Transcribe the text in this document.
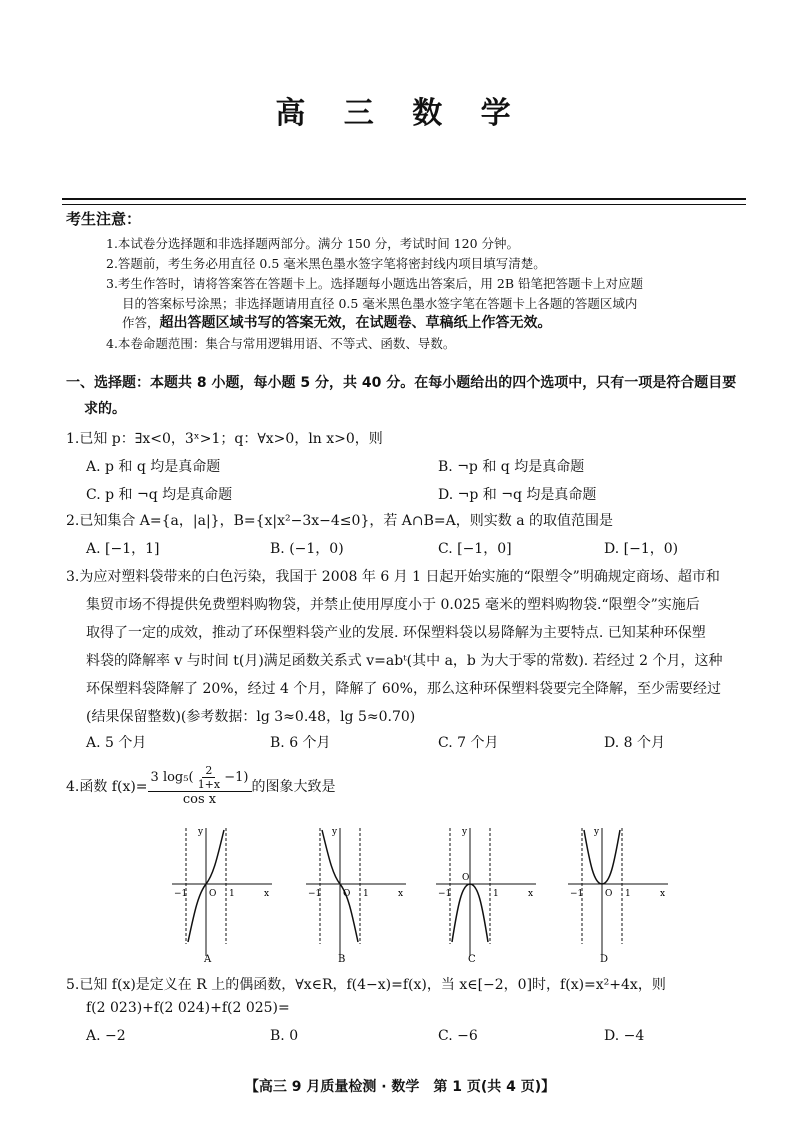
高 三 数 学
考生注意：
1.本试卷分选择题和非选择题两部分。满分 150 分，考试时间 120 分钟。
2.答题前，考生务必用直径 0.5 毫米黑色墨水签字笔将密封线内项目填写清楚。
3.考生作答时，请将答案答在答题卡上。选择题每小题选出答案后，用 2B 铅笔把答题卡上对应题
目的答案标号涂黑；非选择题请用直径 0.5 毫米黑色墨水签字笔在答题卡上各题的答题区域内
作答，超出答题区域书写的答案无效，在试题卷、草稿纸上作答无效。
4.本卷命题范围：集合与常用逻辑用语、不等式、函数、导数。
一、选择题：本题共 8 小题，每小题 5 分，共 40 分。在每小题给出的四个选项中，只有一项是符合题目要
求的。
1.已知 p：∃x<0，3ˣ>1；q：∀x>0，ln x>0，则
A. p 和 q 均是真命题	B. ¬p 和 q 均是真命题
C. p 和 ¬q 均是真命题	D. ¬p 和 ¬q 均是真命题
2.已知集合 A={a，|a|}，B={x|x²−3x−4≤0}，若 A∩B=A，则实数 a 的取值范围是
A. [−1，1]	B. (−1，0)	C. [−1，0]	D. [−1，0)
3.为应对塑料袋带来的白色污染，我国于 2008 年 6 月 1 日起开始实施的“限塑令”明确规定商场、超市和
集贸市场不得提供免费塑料购物袋，并禁止使用厚度小于 0.025 毫米的塑料购物袋.“限塑令”实施后
取得了一定的成效，推动了环保塑料袋产业的发展. 环保塑料袋以易降解为主要特点. 已知某种环保塑
料袋的降解率 v 与时间 t(月)满足函数关系式 v=abᵗ(其中 a，b 为大于零的常数). 若经过 2 个月，这种
环保塑料袋降解了 20%，经过 4 个月，降解了 60%，那么这种环保塑料袋要完全降解，至少需要经过
(结果保留整数)(参考数据：lg 3≈0.48，lg 5≈0.70)
A. 5 个月	B. 6 个月	C. 7 个月	D. 8 个月
4.函数 f(x)=
3 $\log_5( \frac{2}{1+x} -1)$
cos x
的图象大致是
y
x
O
−1	1
A
y
x
O
−1	1
B
y
x
O
−1	1
C
y
x
O
−1	1
D
5.已知 f(x)是定义在 R 上的偶函数，∀x∈R，f(4−x)=f(x)，当 x∈[−2，0]时，f(x)=x²+4x，则
f(2 023)+f(2 024)+f(2 025)=
A. −2	B. 0	C. −6	D. −4
【高三 9 月质量检测 · 数学　第 1 页(共 4 页)】
